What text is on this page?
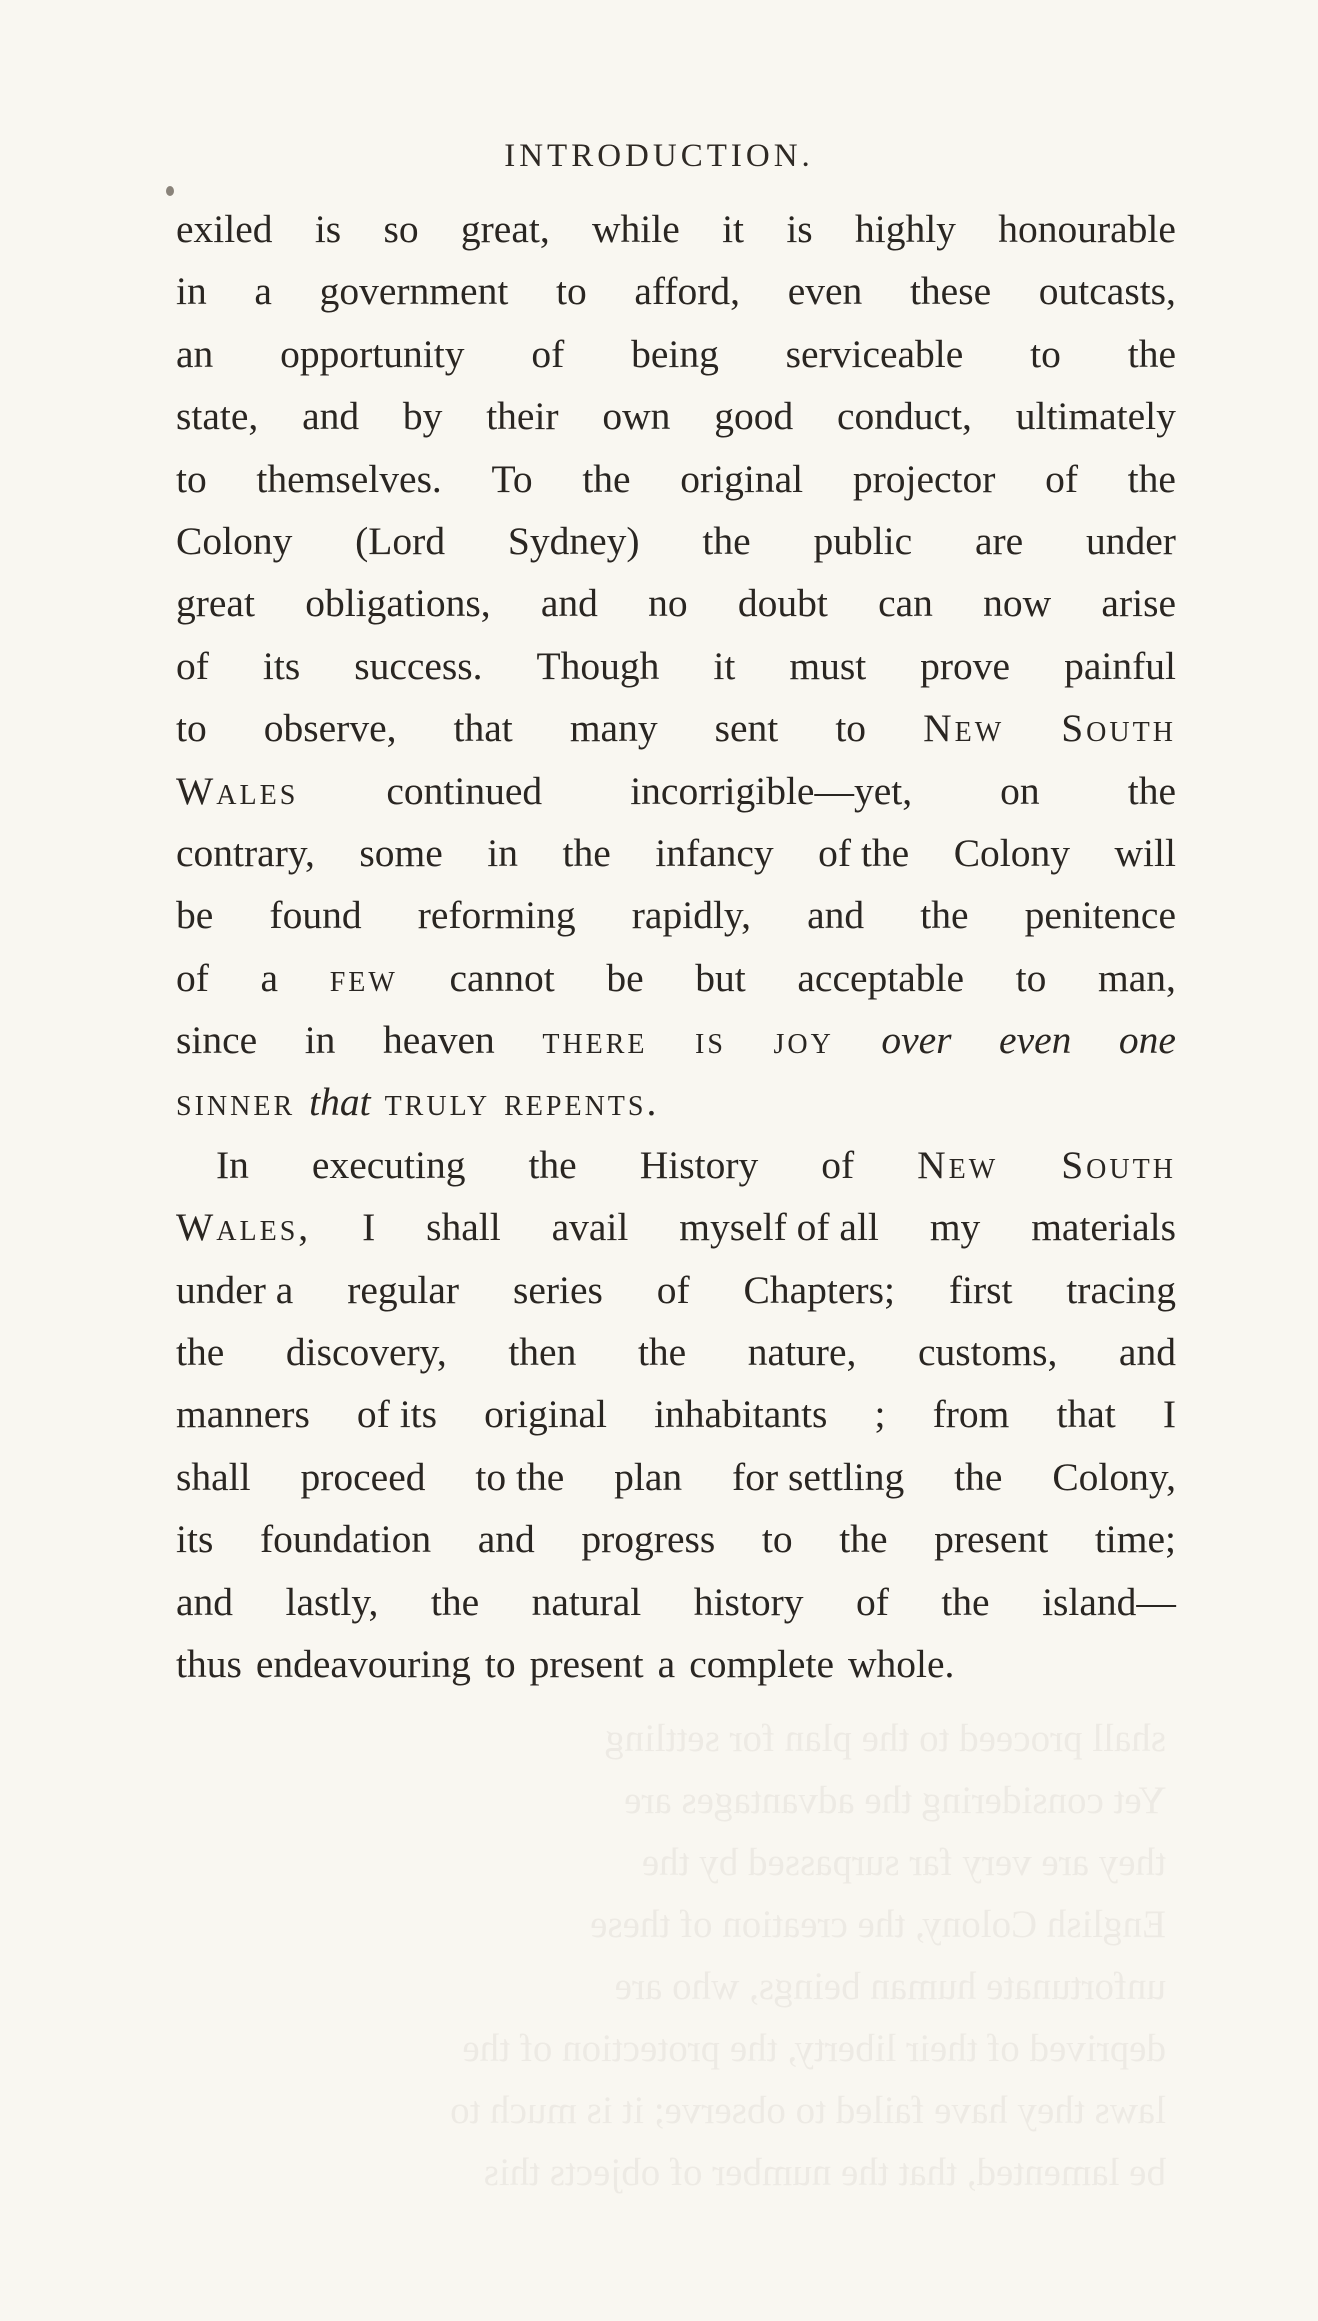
INTRODUCTION.
exiled is so great, while it is highly honourable
in a government to afford, even these outcasts,
an opportunity of being serviceable to the
state, and by their own good conduct, ultimately
to themselves. To the original projector of the
Colony (Lord Sydney) the public are under
great obligations, and no doubt can now arise
of its success. Though it must prove painful
to observe, that many sent to New South
Wales continued incorrigible—yet, on the
contrary, some in the infancy of the Colony will
be found reforming rapidly, and the penitence
of a few cannot be but acceptable to man,
since in heaven there is joy over even one
sinner that truly repents.
In executing the History of New South
Wales, I shall avail myself of all my materials
under a regular series of Chapters; first tracing
the discovery, then the nature, customs, and
manners of its original inhabitants ; from that I
shall proceed to the plan for settling the Colony,
its foundation and progress to the present time;
and lastly, the natural history of the island—
thus endeavouring to present a complete whole.
shall proceed to the plan for settling
Yet considering the advantages are
they are very far surpassed by the
English Colony, the creation of these
unfortunate human beings, who are
deprived of their liberty, the protection of the
laws they have failed to observe; it is much to
be lamented, that the number of objects this
